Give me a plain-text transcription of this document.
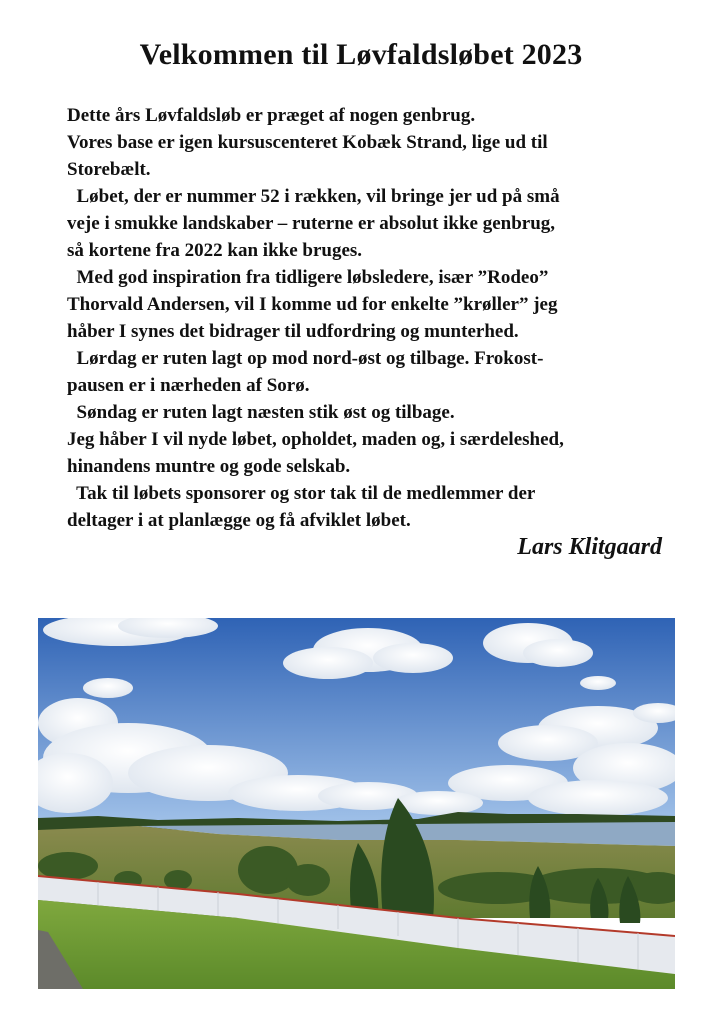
Velkommen til Løvfaldsløbet 2023
Dette års Løvfaldsløb er præget af nogen genbrug.
Vores base er igen kursuscenteret Kobæk Strand, lige ud til
Storebælt.
Løbet, der er nummer 52 i rækken, vil bringe jer ud på små
veje i smukke landskaber – ruterne er absolut ikke genbrug,
så kortene fra 2022 kan ikke bruges.
Med god inspiration fra tidligere løbsledere, især ”Rodeo”
Thorvald Andersen, vil I komme ud for enkelte ”krøller” jeg
håber I synes det bidrager til udfordring og munterhed.
Lørdag er ruten lagt op mod nord-øst og tilbage. Frokost-
pausen er i nærheden af Sorø.
Søndag er ruten lagt næsten stik øst og tilbage.
Jeg håber I vil nyde løbet, opholdet, maden og, i særdeleshed,
hinandens muntre og gode selskab.
Tak til løbets sponsorer og stor tak til de medlemmer der
deltager i at planlægge og få afviklet løbet.
Lars Klitgaard
